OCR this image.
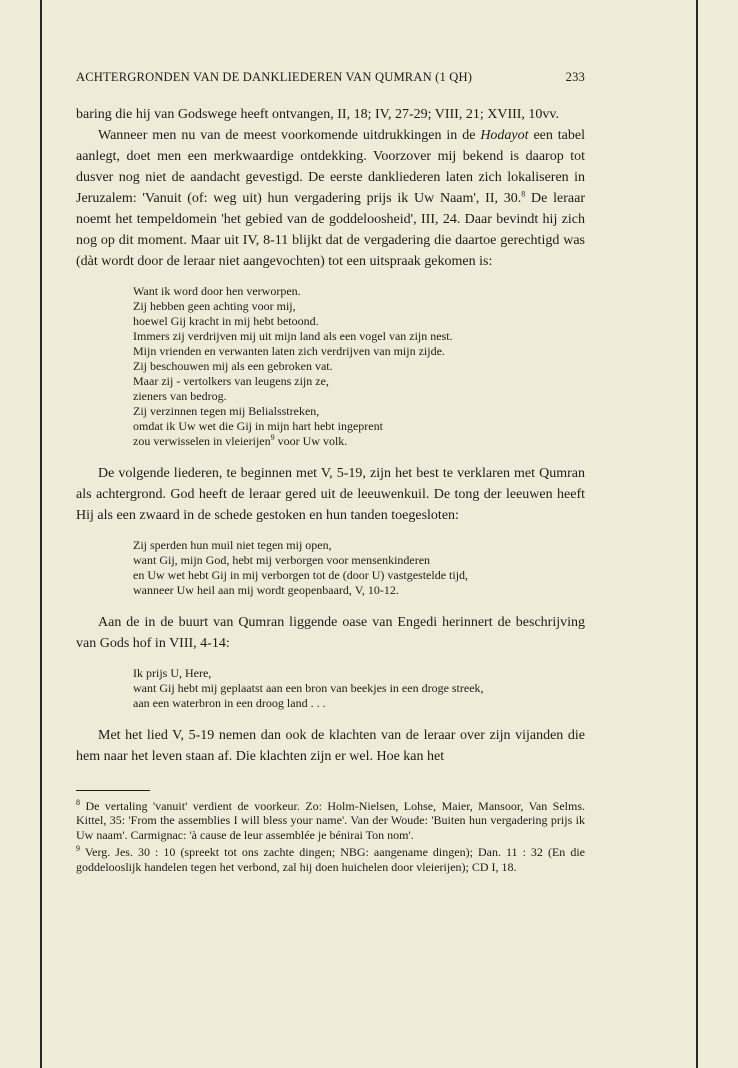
ACHTERGRONDEN VAN DE DANKLIEDEREN VAN QUMRAN (1 QH)	233

baring die hij van Godswege heeft ontvangen, II, 18; IV, 27-29; VIII, 21; XVIII, 10vv.

Wanneer men nu van de meest voorkomende uitdrukkingen in de Hodayot een tabel aanlegt, doet men een merkwaardige ontdekking. Voorzover mij bekend is daarop tot dusver nog niet de aandacht gevestigd. De eerste dankliederen laten zich lokaliseren in Jeruzalem: 'Vanuit (of: weg uit) hun vergadering prijs ik Uw Naam', II, 30.$^8$ De leraar noemt het tempeldomein 'het gebied van de goddeloosheid', III, 24. Daar bevindt hij zich nog op dit moment. Maar uit IV, 8-11 blijkt dat de vergadering die daartoe gerechtigd was (dàt wordt door de leraar niet aangevochten) tot een uitspraak gekomen is:

Want ik word door hen verworpen.
Zij hebben geen achting voor mij,
hoewel Gij kracht in mij hebt betoond.
Immers zij verdrijven mij uit mijn land als een vogel van zijn nest.
Mijn vrienden en verwanten laten zich verdrijven van mijn zijde.
Zij beschouwen mij als een gebroken vat.
Maar zij - vertolkers van leugens zijn ze,
zieners van bedrog.
Zij verzinnen tegen mij Belialsstreken,
omdat ik Uw wet die Gij in mijn hart hebt ingeprent
zou verwisselen in vleierijen$^9$ voor Uw volk.

De volgende liederen, te beginnen met V, 5-19, zijn het best te verklaren met Qumran als achtergrond. God heeft de leraar gered uit de leeuwenkuil. De tong der leeuwen heeft Hij als een zwaard in de schede gestoken en hun tanden toegesloten:

Zij sperden hun muil niet tegen mij open,
want Gij, mijn God, hebt mij verborgen voor mensenkinderen
en Uw wet hebt Gij in mij verborgen tot de (door U) vastgestelde tijd,
wanneer Uw heil aan mij wordt geopenbaard, V, 10-12.

Aan de in de buurt van Qumran liggende oase van Engedi herinnert de beschrijving van Gods hof in VIII, 4-14:

Ik prijs U, Here,
want Gij hebt mij geplaatst aan een bron van beekjes in een droge streek,
aan een waterbron in een droog land . . .

Met het lied V, 5-19 nemen dan ook de klachten van de leraar over zijn vijanden die hem naar het leven staan af. Die klachten zijn er wel. Hoe kan het

$^8$ De vertaling 'vanuit' verdient de voorkeur. Zo: Holm-Nielsen, Lohse, Maier, Mansoor, Van Selms. Kittel, 35: 'From the assemblies I will bless your name'. Van der Woude: 'Buiten hun vergadering prijs ik Uw naam'. Carmignac: 'à cause de leur assemblée je bénirai Ton nom'.

$^9$ Verg. Jes. 30 : 10 (spreekt tot ons zachte dingen; NBG: aangename dingen); Dan. 11 : 32 (En die goddelooslijk handelen tegen het verbond, zal hij doen huichelen door vleierijen); CD I, 18.
